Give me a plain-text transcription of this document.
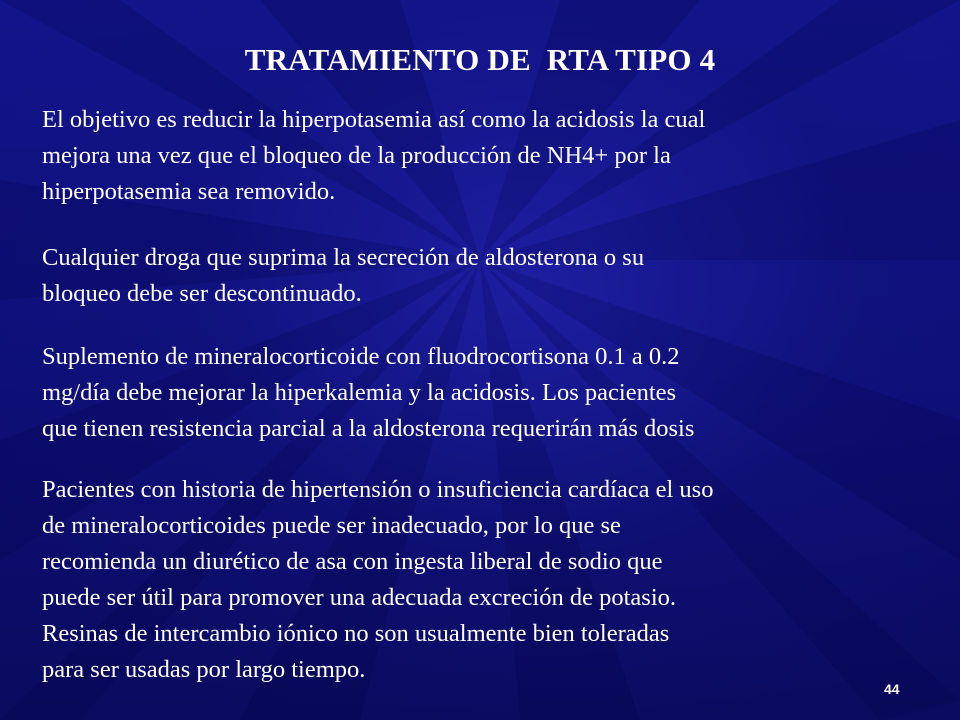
TRATAMIENTO DE  RTA TIPO 4

El objetivo es reducir la hiperpotasemia así como la acidosis la cual
mejora una vez que el bloqueo de la producción de NH4+ por la
hiperpotasemia sea removido.

Cualquier droga que suprima la secreción de aldosterona o su
bloqueo debe ser descontinuado.

Suplemento de mineralocorticoide con fluodrocortisona 0.1 a 0.2
mg/día debe mejorar la hiperkalemia y la acidosis. Los pacientes
que tienen resistencia parcial a la aldosterona requerirán más dosis

Pacientes con historia de hipertensión o insuficiencia cardíaca el uso
de mineralocorticoides puede ser inadecuado, por lo que se
recomienda un diurético de asa con ingesta liberal de sodio que
puede ser útil para promover una adecuada excreción de potasio.
Resinas de intercambio iónico no son usualmente bien toleradas
para ser usadas por largo tiempo.

44
